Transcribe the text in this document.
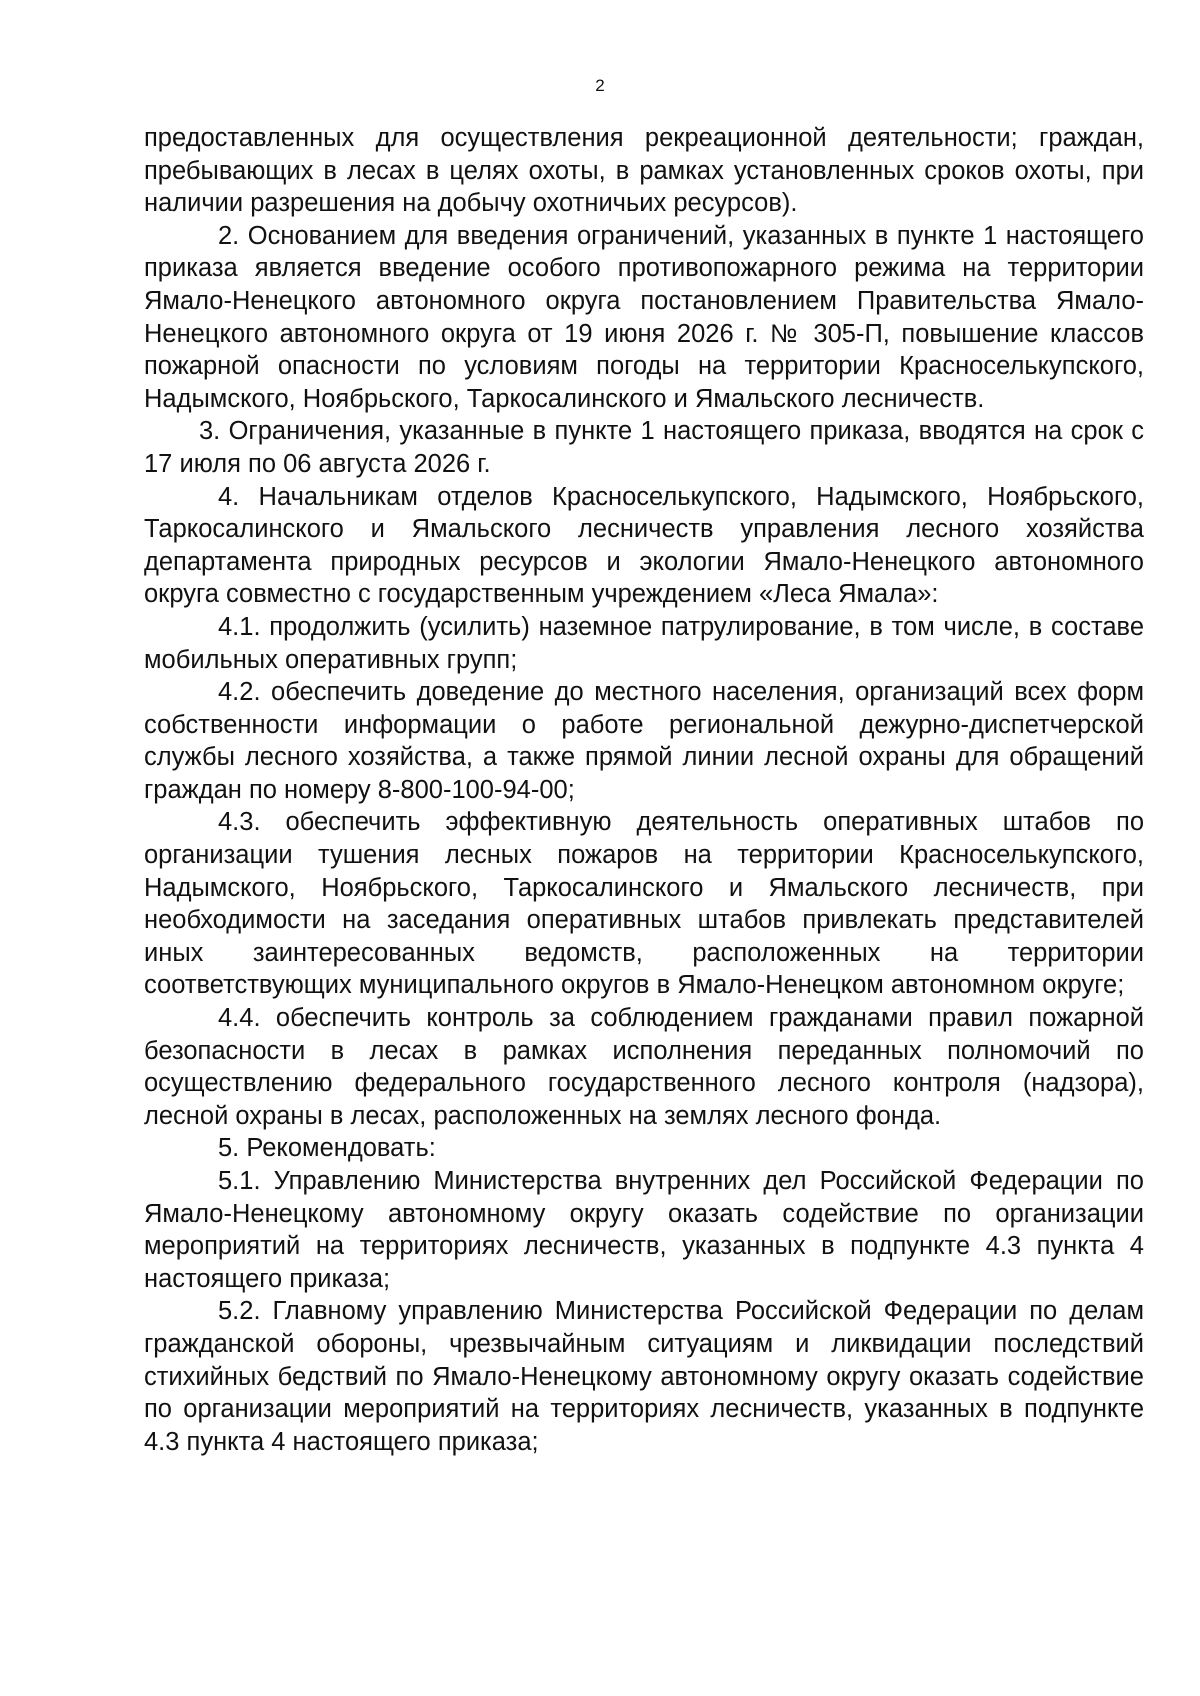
2

предоставленных для осуществления рекреационной деятельности; граждан, пребывающих в лесах в целях охоты, в рамках установленных сроков охоты, при наличии разрешения на добычу охотничьих ресурсов).

2. Основанием для введения ограничений, указанных в пункте 1 настоящего приказа является введение особого противопожарного режима на территории Ямало-Ненецкого автономного округа постановлением Правительства Ямало-Ненецкого автономного округа от 19 июня 2026 г. № 305-П, повышение классов пожарной опасности по условиям погоды на территории Красноселькупского, Надымского, Ноябрьского, Таркосалинского и Ямальского лесничеств.

3. Ограничения, указанные в пункте 1 настоящего приказа, вводятся на срок с 17 июля по 06 августа 2026 г.

4. Начальникам отделов Красноселькупского, Надымского, Ноябрьского, Таркосалинского и Ямальского лесничеств управления лесного хозяйства департамента природных ресурсов и экологии Ямало-Ненецкого автономного округа совместно с государственным учреждением «Леса Ямала»:

4.1. продолжить (усилить) наземное патрулирование, в том числе, в составе мобильных оперативных групп;

4.2. обеспечить доведение до местного населения, организаций всех форм собственности информации о работе региональной дежурно-диспетчерской службы лесного хозяйства, а также прямой линии лесной охраны для обращений граждан по номеру 8-800-100-94-00;

4.3. обеспечить эффективную деятельность оперативных штабов по организации тушения лесных пожаров на территории Красноселькупского, Надымского, Ноябрьского, Таркосалинского и Ямальского лесничеств, при необходимости на заседания оперативных штабов привлекать представителей иных заинтересованных ведомств, расположенных на территории соответствующих муниципального округов в Ямало-Ненецком автономном округе;

4.4. обеспечить контроль за соблюдением гражданами правил пожарной безопасности в лесах в рамках исполнения переданных полномочий по осуществлению федерального государственного лесного контроля (надзора), лесной охраны в лесах, расположенных на землях лесного фонда.

5. Рекомендовать:

5.1. Управлению Министерства внутренних дел Российской Федерации по Ямало-Ненецкому автономному округу оказать содействие по организации мероприятий на территориях лесничеств, указанных в подпункте 4.3 пункта 4 настоящего приказа;

5.2. Главному управлению Министерства Российской Федерации по делам гражданской обороны, чрезвычайным ситуациям и ликвидации последствий стихийных бедствий по Ямало-Ненецкому автономному округу оказать содействие по организации мероприятий на территориях лесничеств, указанных в подпункте 4.3 пункта 4 настоящего приказа;
